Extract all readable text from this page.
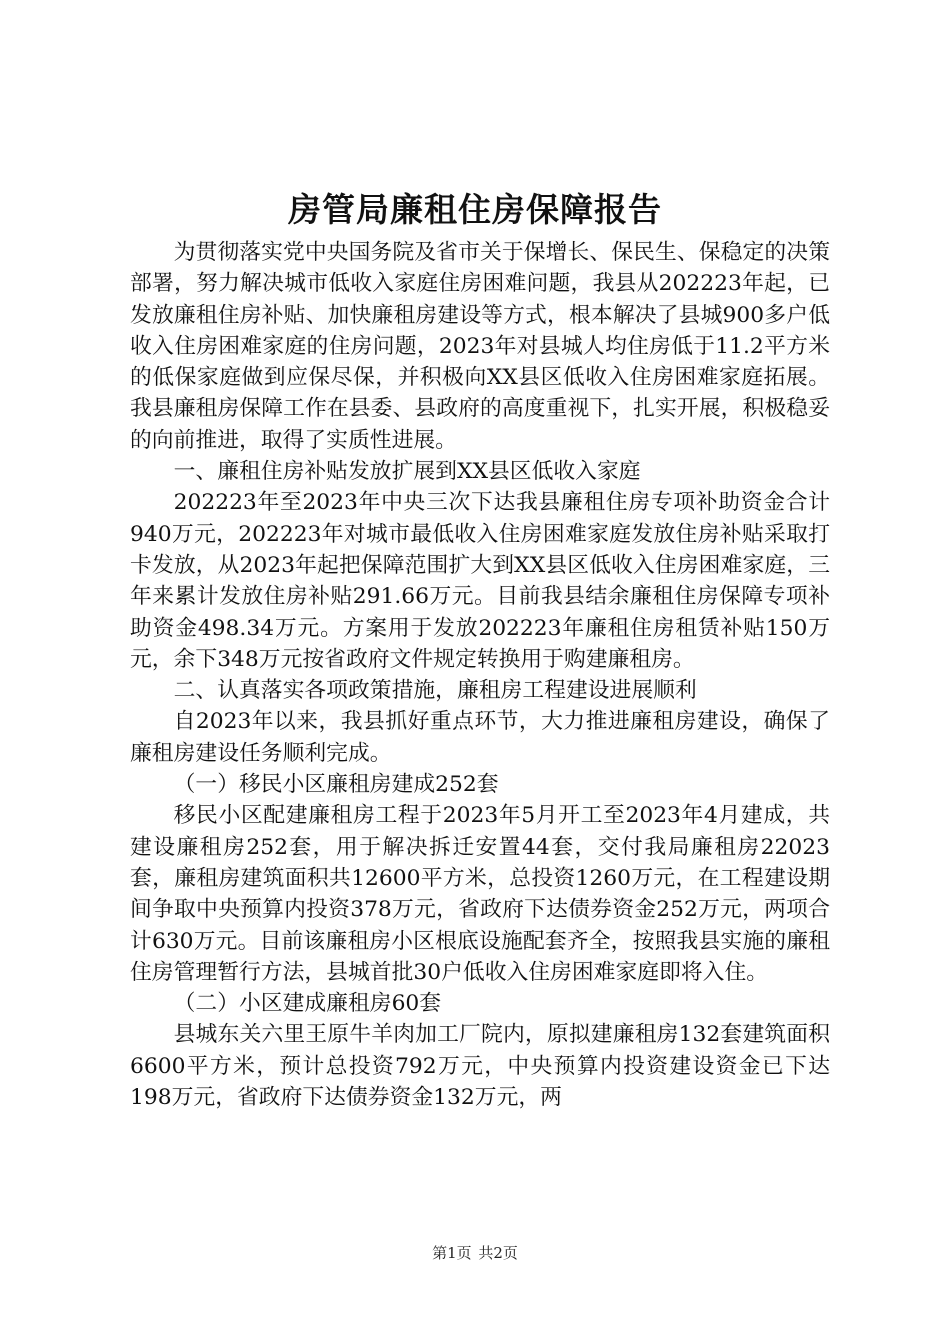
房管局廉租住房保障报告

为贯彻落实党中央国务院及省市关于保增长、保民生、保稳定的决策部署，努力解决城市低收入家庭住房困难问题，我县从202223年起，已发放廉租住房补贴、加快廉租房建设等方式，根本解决了县城900多户低收入住房困难家庭的住房问题，2023年对县城人均住房低于11.2平方米的低保家庭做到应保尽保，并积极向XX县区低收入住房困难家庭拓展。我县廉租房保障工作在县委、县政府的高度重视下，扎实开展，积极稳妥的向前推进，取得了实质性进展。

一、廉租住房补贴发放扩展到XX县区低收入家庭

202223年至2023年中央三次下达我县廉租住房专项补助资金合计940万元，202223年对城市最低收入住房困难家庭发放住房补贴采取打卡发放，从2023年起把保障范围扩大到XX县区低收入住房困难家庭，三年来累计发放住房补贴291.66万元。目前我县结余廉租住房保障专项补助资金498.34万元。方案用于发放202223年廉租住房租赁补贴150万元，余下348万元按省政府文件规定转换用于购建廉租房。

二、认真落实各项政策措施，廉租房工程建设进展顺利

自2023年以来，我县抓好重点环节，大力推进廉租房建设，确保了廉租房建设任务顺利完成。

（一）移民小区廉租房建成252套

移民小区配建廉租房工程于2023年5月开工至2023年4月建成，共建设廉租房252套，用于解决拆迁安置44套，交付我局廉租房22023套，廉租房建筑面积共12600平方米，总投资1260万元，在工程建设期间争取中央预算内投资378万元，省政府下达债券资金252万元，两项合计630万元。目前该廉租房小区根底设施配套齐全，按照我县实施的廉租住房管理暂行方法，县城首批30户低收入住房困难家庭即将入住。

（二）小区建成廉租房60套

县城东关六里王原牛羊肉加工厂院内，原拟建廉租房132套建筑面积6600平方米，预计总投资792万元，中央预算内投资建设资金已下达198万元，省政府下达债券资金132万元，两

第1页 共2页
